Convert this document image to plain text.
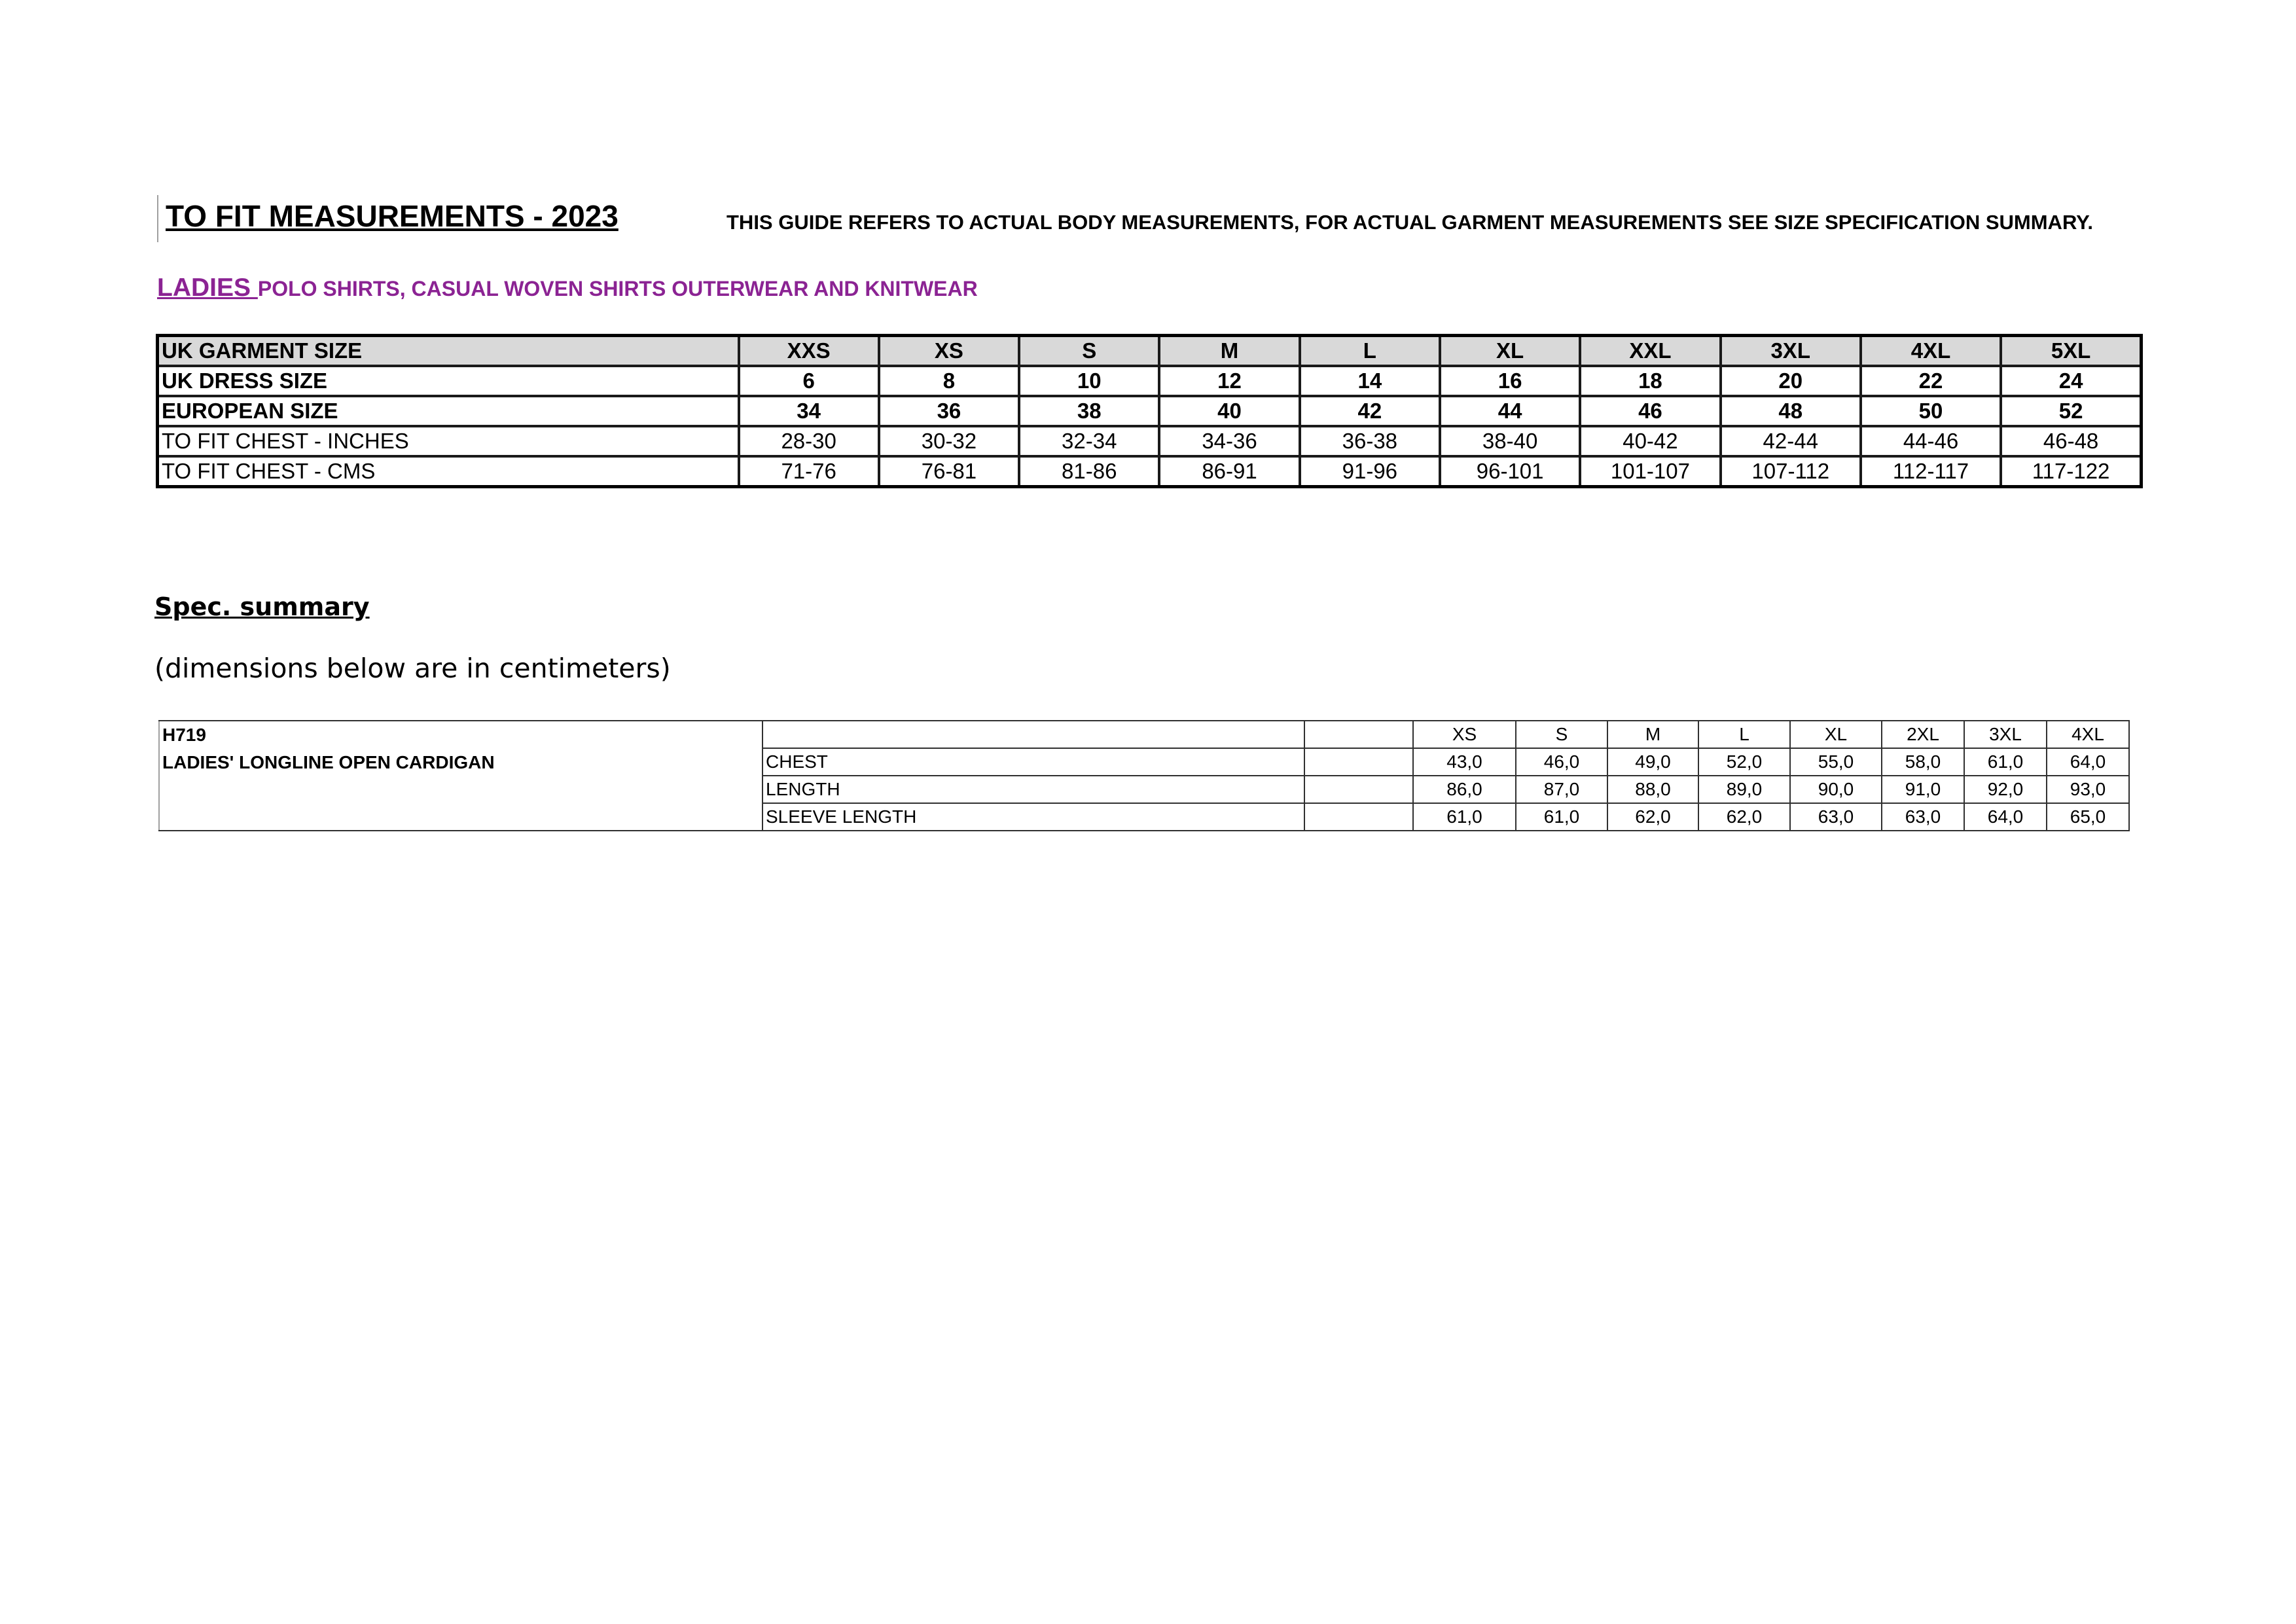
TO FIT MEASUREMENTS - 2023	THIS GUIDE REFERS TO ACTUAL BODY MEASUREMENTS, FOR ACTUAL GARMENT MEASUREMENTS SEE SIZE SPECIFICATION SUMMARY.
LADIES POLO SHIRTS, CASUAL WOVEN SHIRTS OUTERWEAR AND KNITWEAR
UK GARMENT SIZE	XXS	XS	S	M	L	XL	XXL	3XL	4XL	5XL
UK DRESS SIZE	6	8	10	12	14	16	18	20	22	24
EUROPEAN SIZE	34	36	38	40	42	44	46	48	50	52
TO FIT CHEST - INCHES	28-30	30-32	32-34	34-36	36-38	38-40	40-42	42-44	44-46	46-48
TO FIT CHEST - CMS	71-76	76-81	81-86	86-91	91-96	96-101	101-107	107-112	112-117	117-122
Spec. summary
(dimensions below are in centimeters)
H719
LADIES' LONGLINE OPEN CARDIGAN			XS	S	M	L	XL	2XL	3XL	4XL
	CHEST		43,0	46,0	49,0	52,0	55,0	58,0	61,0	64,0
	LENGTH		86,0	87,0	88,0	89,0	90,0	91,0	92,0	93,0
	SLEEVE LENGTH		61,0	61,0	62,0	62,0	63,0	63,0	64,0	65,0
